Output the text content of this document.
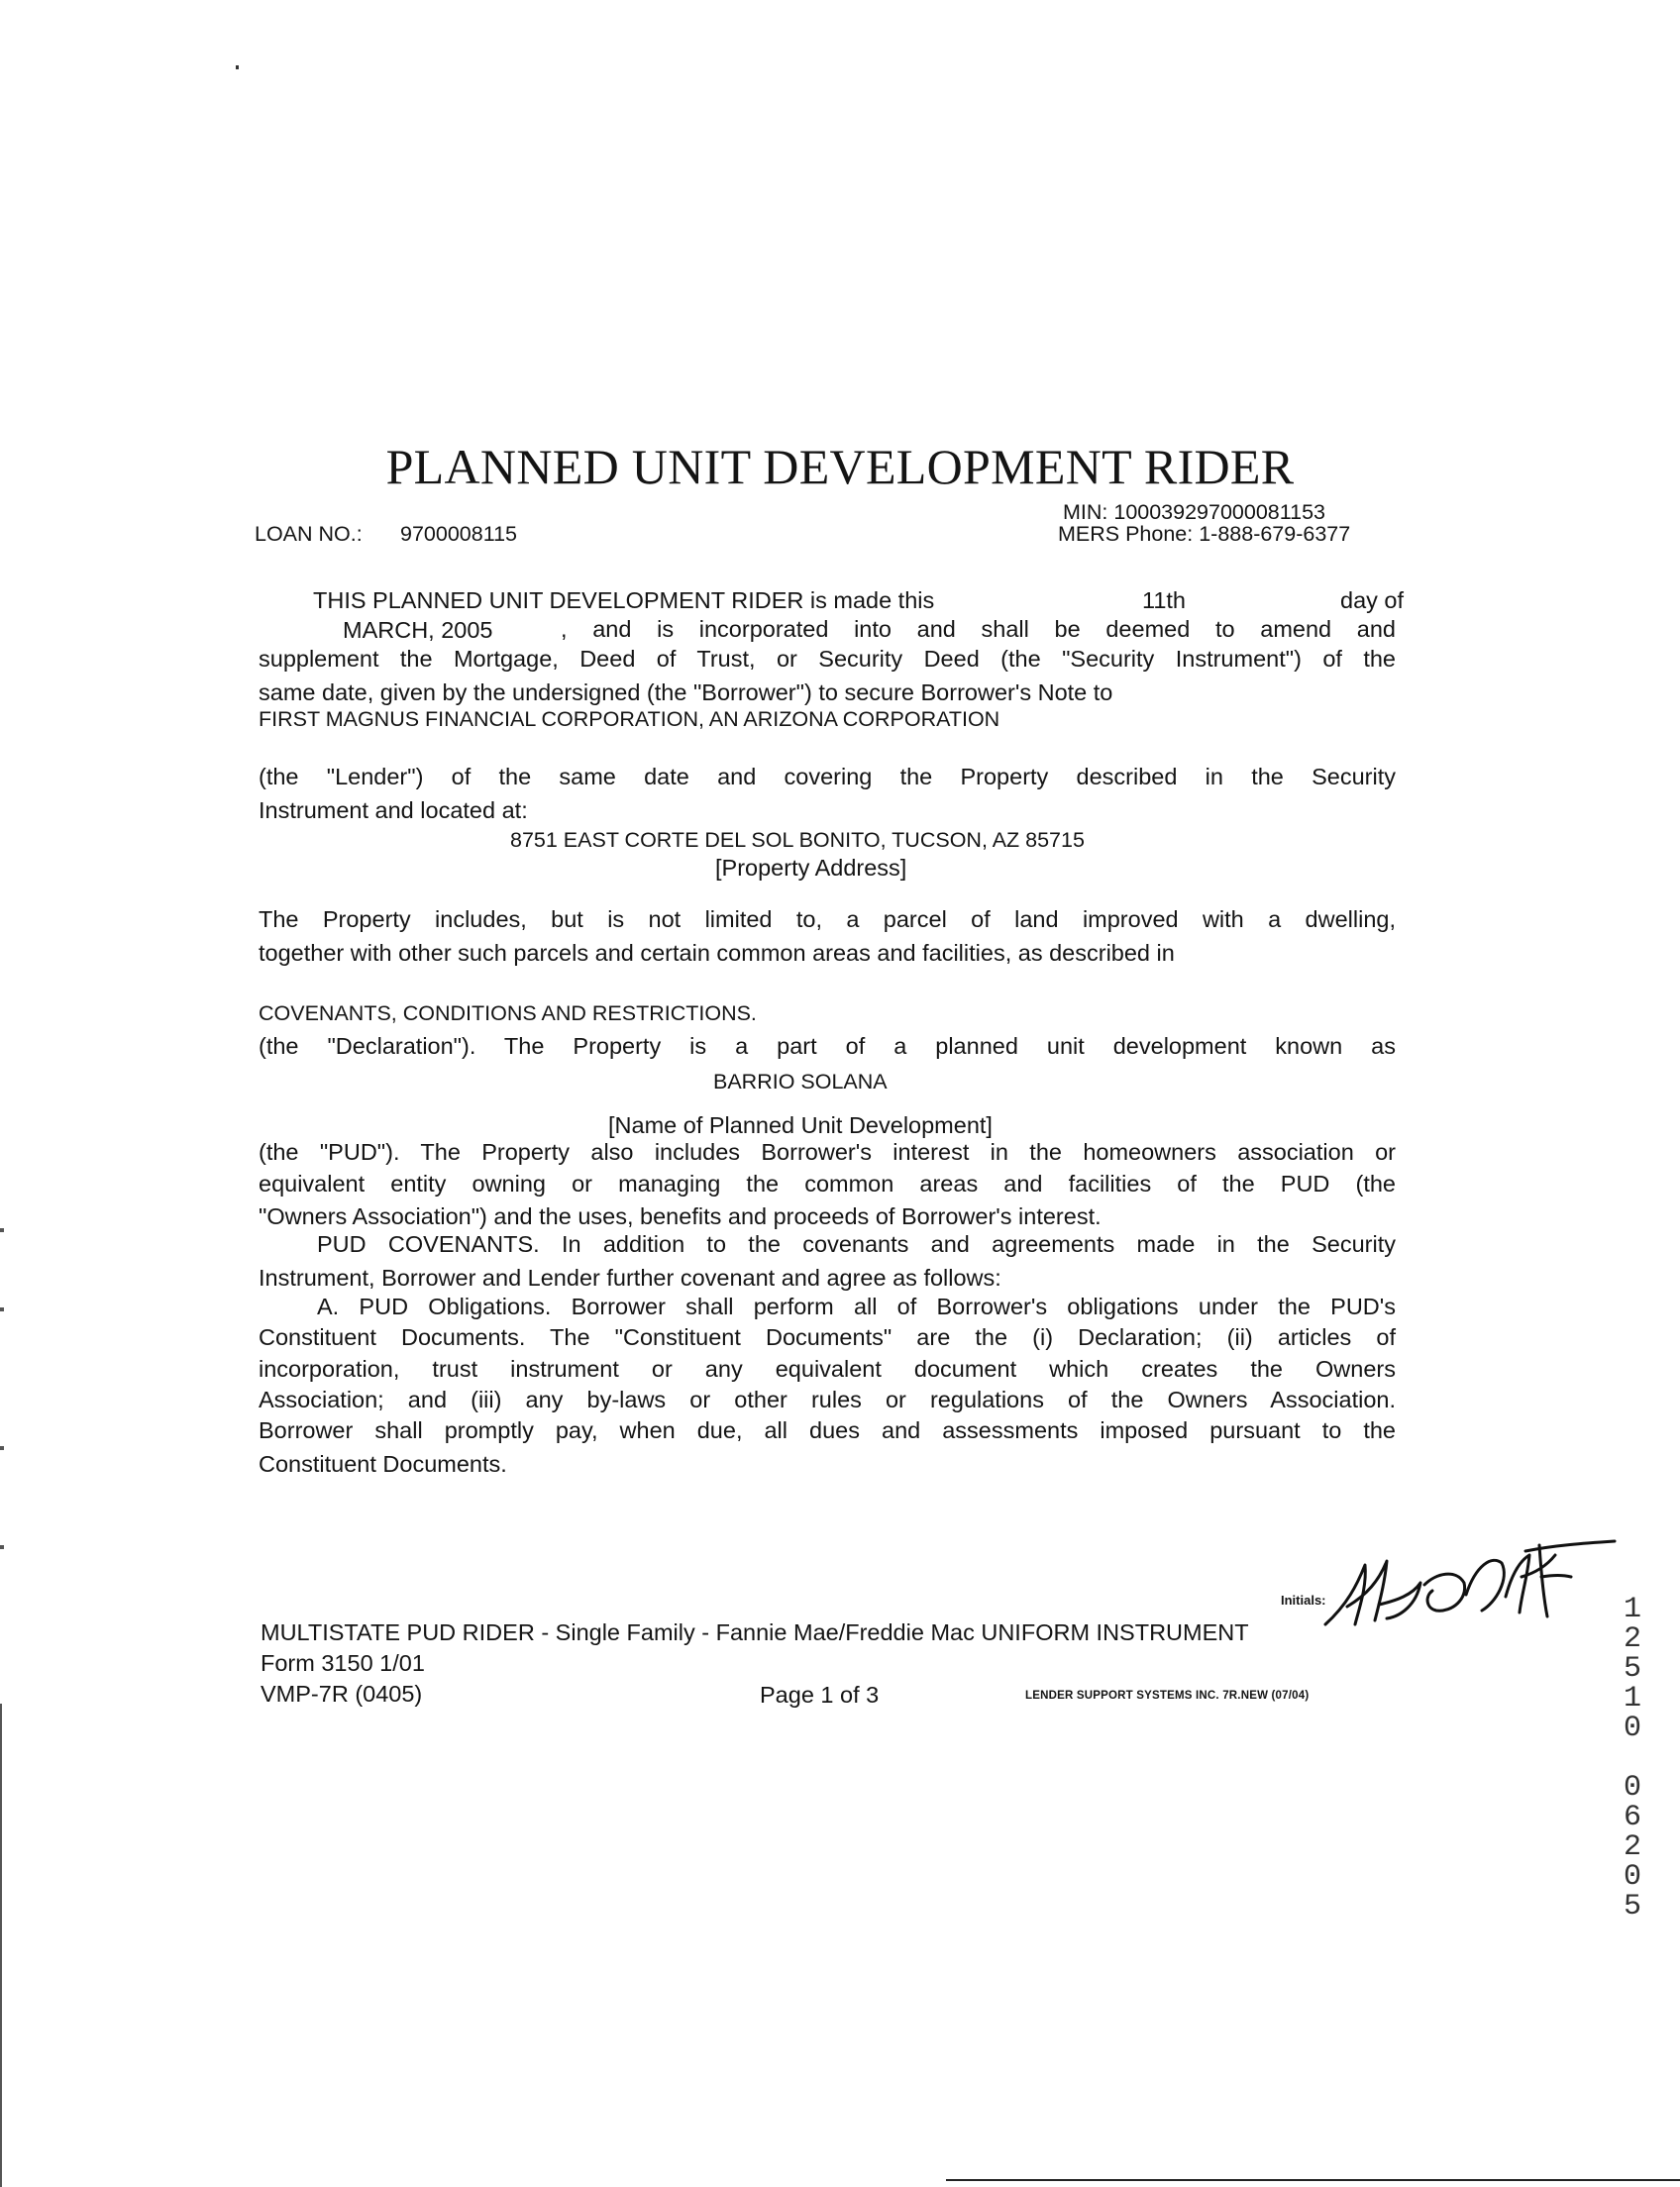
PLANNED UNIT DEVELOPMENT RIDER
MIN: 100039297000081153
LOAN NO.: 9700008115	MERS Phone: 1-888-679-6377
THIS PLANNED UNIT DEVELOPMENT RIDER is made this	11th	day of
MARCH, 2005	, and is incorporated into and shall be deemed to amend and
supplement the Mortgage, Deed of Trust, or Security Deed (the "Security Instrument") of the
same date, given by the undersigned (the "Borrower") to secure Borrower's Note to
FIRST MAGNUS FINANCIAL CORPORATION, AN ARIZONA CORPORATION
(the "Lender") of the same date and covering the Property described in the Security
Instrument and located at:
8751 EAST CORTE DEL SOL BONITO, TUCSON, AZ 85715
[Property Address]
The Property includes, but is not limited to, a parcel of land improved with a dwelling,
together with other such parcels and certain common areas and facilities, as described in
COVENANTS, CONDITIONS AND RESTRICTIONS.
(the "Declaration"). The Property is a part of a planned unit development known as
BARRIO SOLANA
[Name of Planned Unit Development]
(the "PUD"). The Property also includes Borrower's interest in the homeowners association or
equivalent entity owning or managing the common areas and facilities of the PUD (the
"Owners Association") and the uses, benefits and proceeds of Borrower's interest.
PUD COVENANTS. In addition to the covenants and agreements made in the Security
Instrument, Borrower and Lender further covenant and agree as follows:
A. PUD Obligations. Borrower shall perform all of Borrower's obligations under the PUD's
Constituent Documents. The "Constituent Documents" are the (i) Declaration; (ii) articles of
incorporation, trust instrument or any equivalent document which creates the Owners
Association; and (iii) any by-laws or other rules or regulations of the Owners Association.
Borrower shall promptly pay, when due, all dues and assessments imposed pursuant to the
Constituent Documents.
Initials:
MULTISTATE PUD RIDER - Single Family - Fannie Mae/Freddie Mac UNIFORM INSTRUMENT
Form 3150 1/01
VMP-7R (0405)	Page 1 of 3	LENDER SUPPORT SYSTEMS INC. 7R.NEW (07/04)
1
2
5
1
0
0
6
2
0
5
